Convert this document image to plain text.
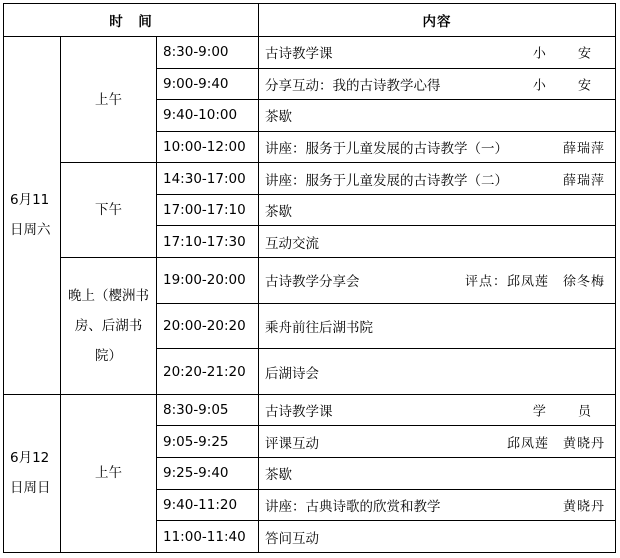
时　间			内容
6月11日周六	上午	8:30-9:00	古诗教学课 小 安

		9:00-9:40	分享互动：我的古诗教学心得 小 安

		9:40-10:00	茶歇
		10:00-12:00	讲座：服务于儿童发展的古诗教学（一） 薛瑞萍

	下午	14:30-17:00	讲座：服务于儿童发展的古诗教学（二） 薛瑞萍

		17:00-17:10	茶歇
		17:10-17:30	互动交流
	晚上（樱洲书房、后湖书院）	19:00-20:00	古诗教学分享会 评点：邱凤莲　徐冬梅

		20:00-20:20	乘舟前往后湖书院
		20:20-21:20	后湖诗会
6月12日周日	上午	8:30-9:05	古诗教学课 学 员

		9:05-9:25	评课互动 邱凤莲　黄晓丹

		9:25-9:40	茶歇
		9:40-11:20	讲座：古典诗歌的欣赏和教学 黄晓丹

		11:00-11:40	答问互动
